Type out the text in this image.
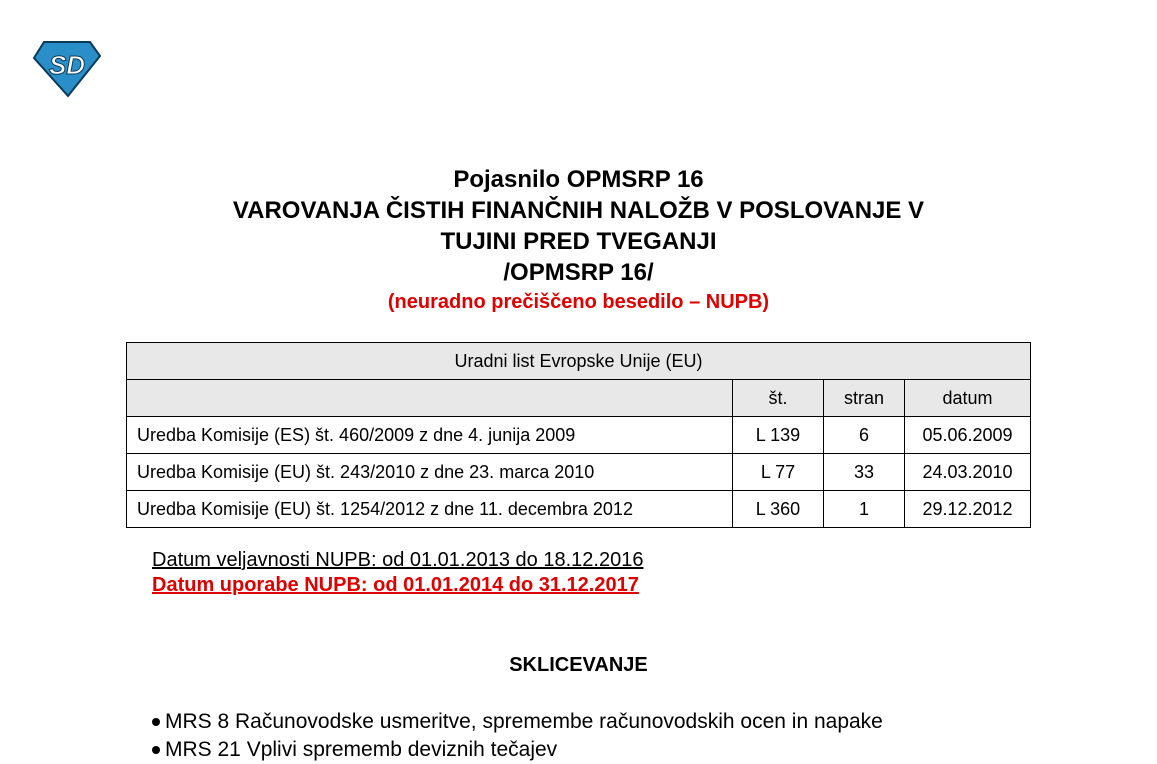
SD
Pojasnilo OPMSRP 16
VAROVANJA ČISTIH FINANČNIH NALOŽB V POSLOVANJE V
TUJINI PRED TVEGANJI
/OPMSRP 16/
(neuradno prečiščeno besedilo – NUPB)
Uradni list Evropske Unije (EU)			
	št.	stran	datum
Uredba Komisije (ES) št. 460/2009 z dne 4. junija 2009	L 139	6	05.06.2009
Uredba Komisije (EU) št. 243/2010 z dne 23. marca 2010	L 77	33	24.03.2010
Uredba Komisije (EU) št. 1254/2012 z dne 11. decembra 2012	L 360	1	29.12.2012
Datum veljavnosti NUPB: od 01.01.2013 do 18.12.2016
Datum uporabe NUPB: od 01.01.2014 do 31.12.2017
SKLICEVANJE
MRS 8 Računovodske usmeritve, spremembe računovodskih ocen in napake
MRS 21 Vplivi sprememb deviznih tečajev
